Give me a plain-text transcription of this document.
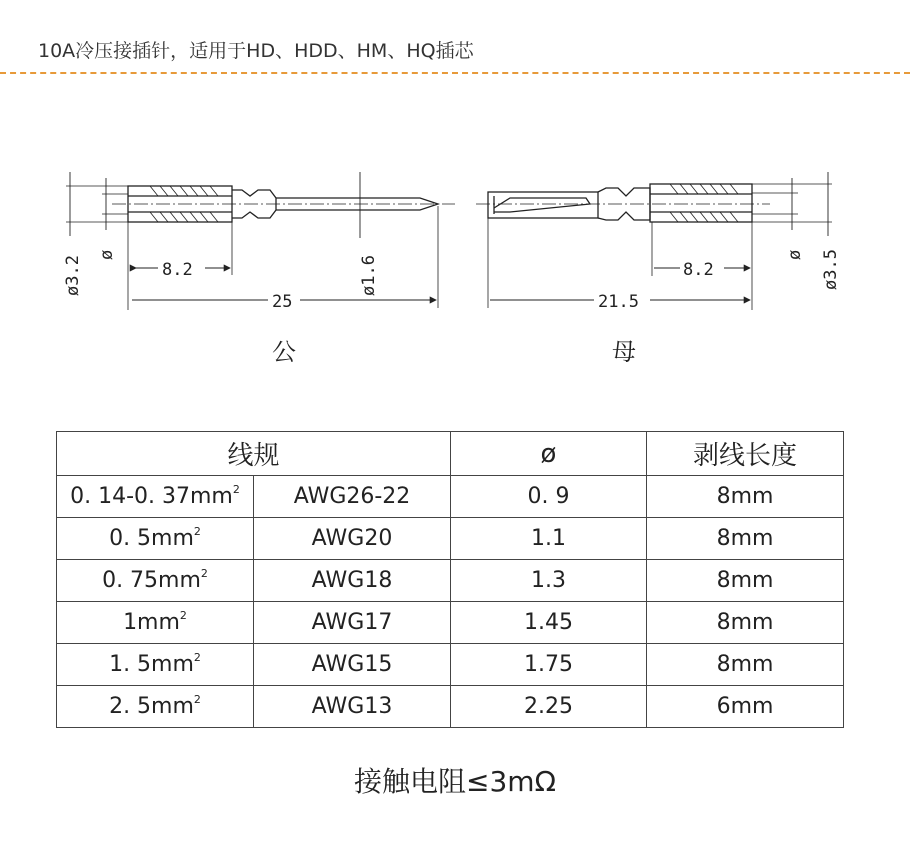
10A冷压接插针，适用于HD、HDD、HM、HQ插芯
ø3.2
ø
8.2	ø1.6
25
公
ø3.5
ø
8.2
21.5
母
线规		ø	剥线长度
0. 14-0. $37mm^2$	AWG26-22	0. 9	8mm
0. $5mm^2$	AWG20	1.1	8mm
0. $75mm^2$	AWG18	1.3	8mm
$1mm^2$	AWG17	1.45	8mm
1. $5mm^2$	AWG15	1.75	8mm
2. $5mm^2$	AWG13	2.25	6mm
接触电阻≤3mΩ
